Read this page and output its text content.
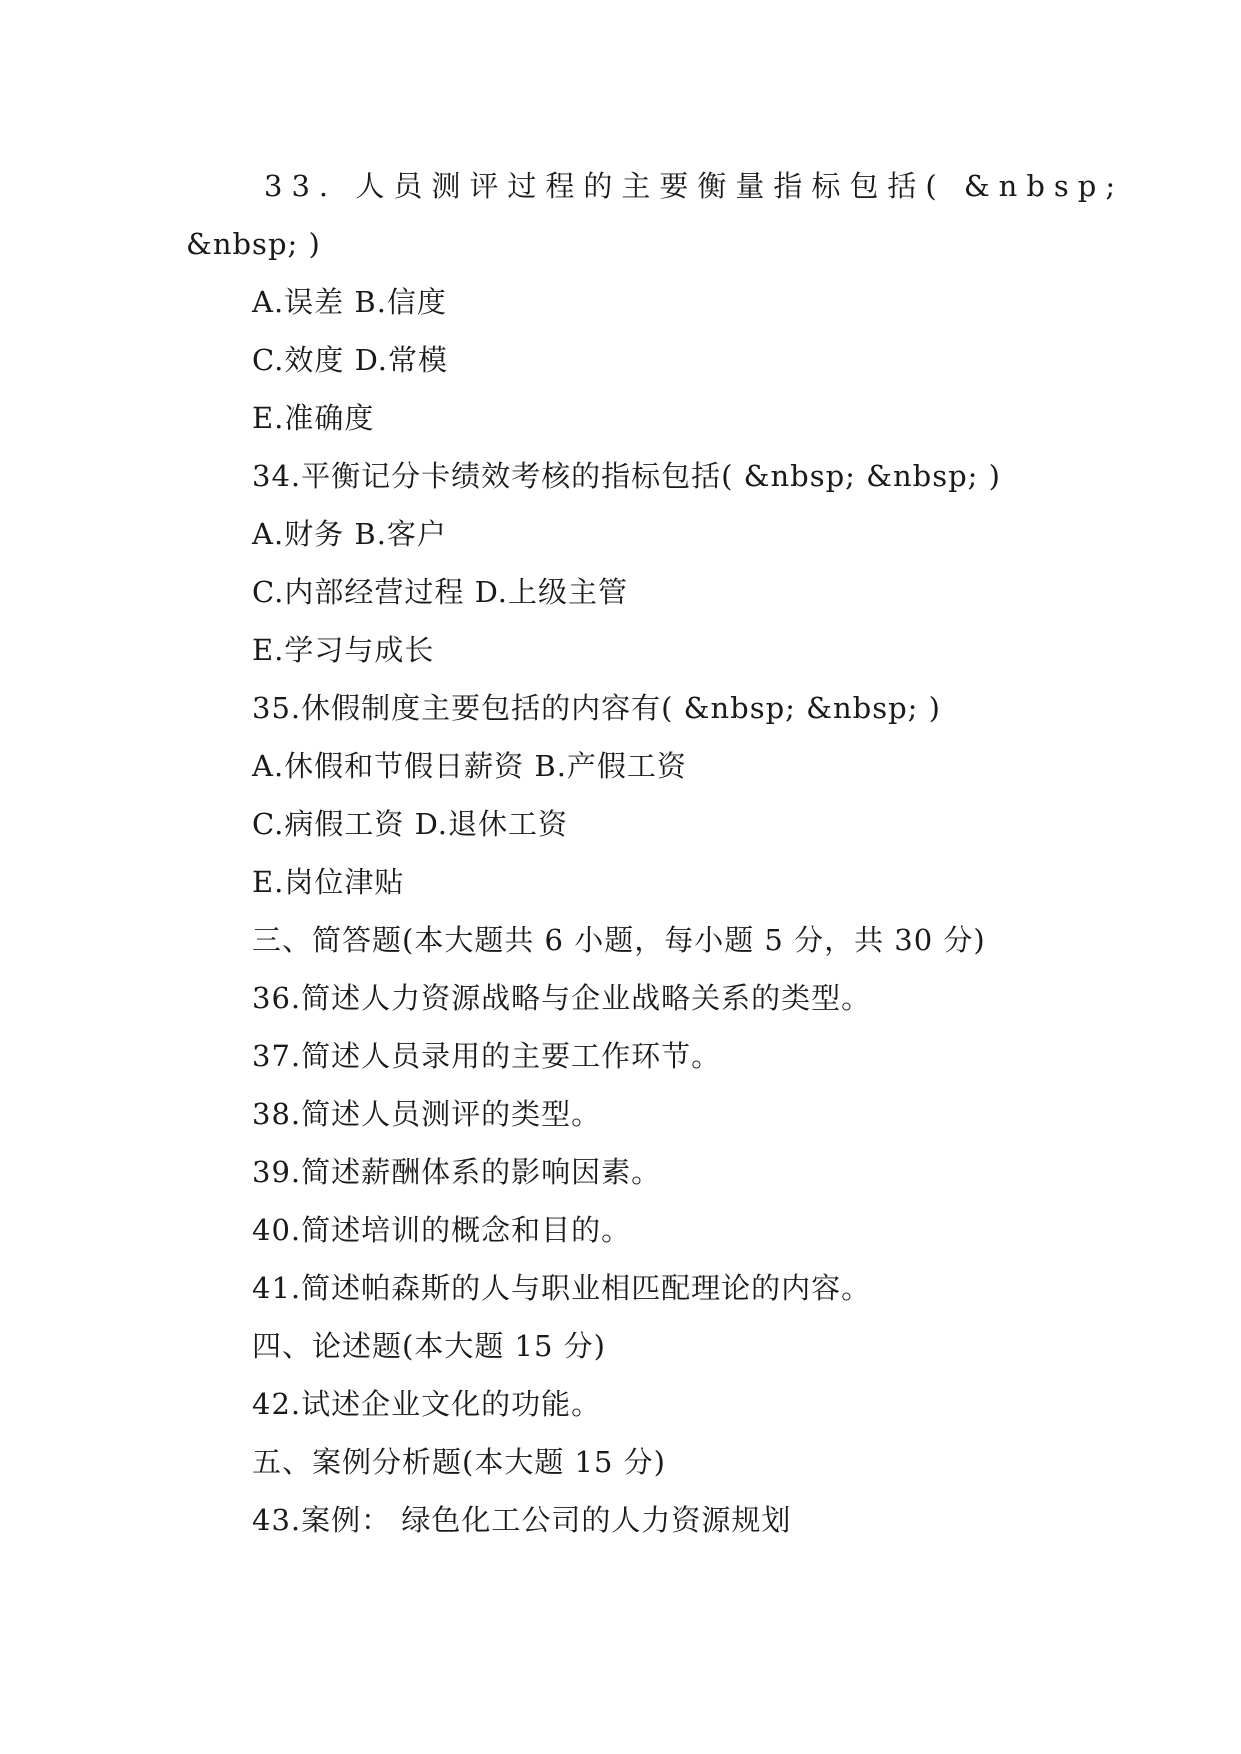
33. 人员测评过程的主要衡量指标包括( &nbsp;
&nbsp; )
A.误差 B.信度
C.效度 D.常模
E.准确度
34.平衡记分卡绩效考核的指标包括( &nbsp; &nbsp; )
A.财务 B.客户
C.内部经营过程 D.上级主管
E.学习与成长
35.休假制度主要包括的内容有( &nbsp; &nbsp; )
A.休假和节假日薪资 B.产假工资
C.病假工资 D.退休工资
E.岗位津贴
三、简答题(本大题共 6 小题，每小题 5 分，共 30 分)
36.简述人力资源战略与企业战略关系的类型。
37.简述人员录用的主要工作环节。
38.简述人员测评的类型。
39.简述薪酬体系的影响因素。
40.简述培训的概念和目的。
41.简述帕森斯的人与职业相匹配理论的内容。
四、论述题(本大题 15 分)
42.试述企业文化的功能。
五、案例分析题(本大题 15 分)
43.案例： 绿色化工公司的人力资源规划
